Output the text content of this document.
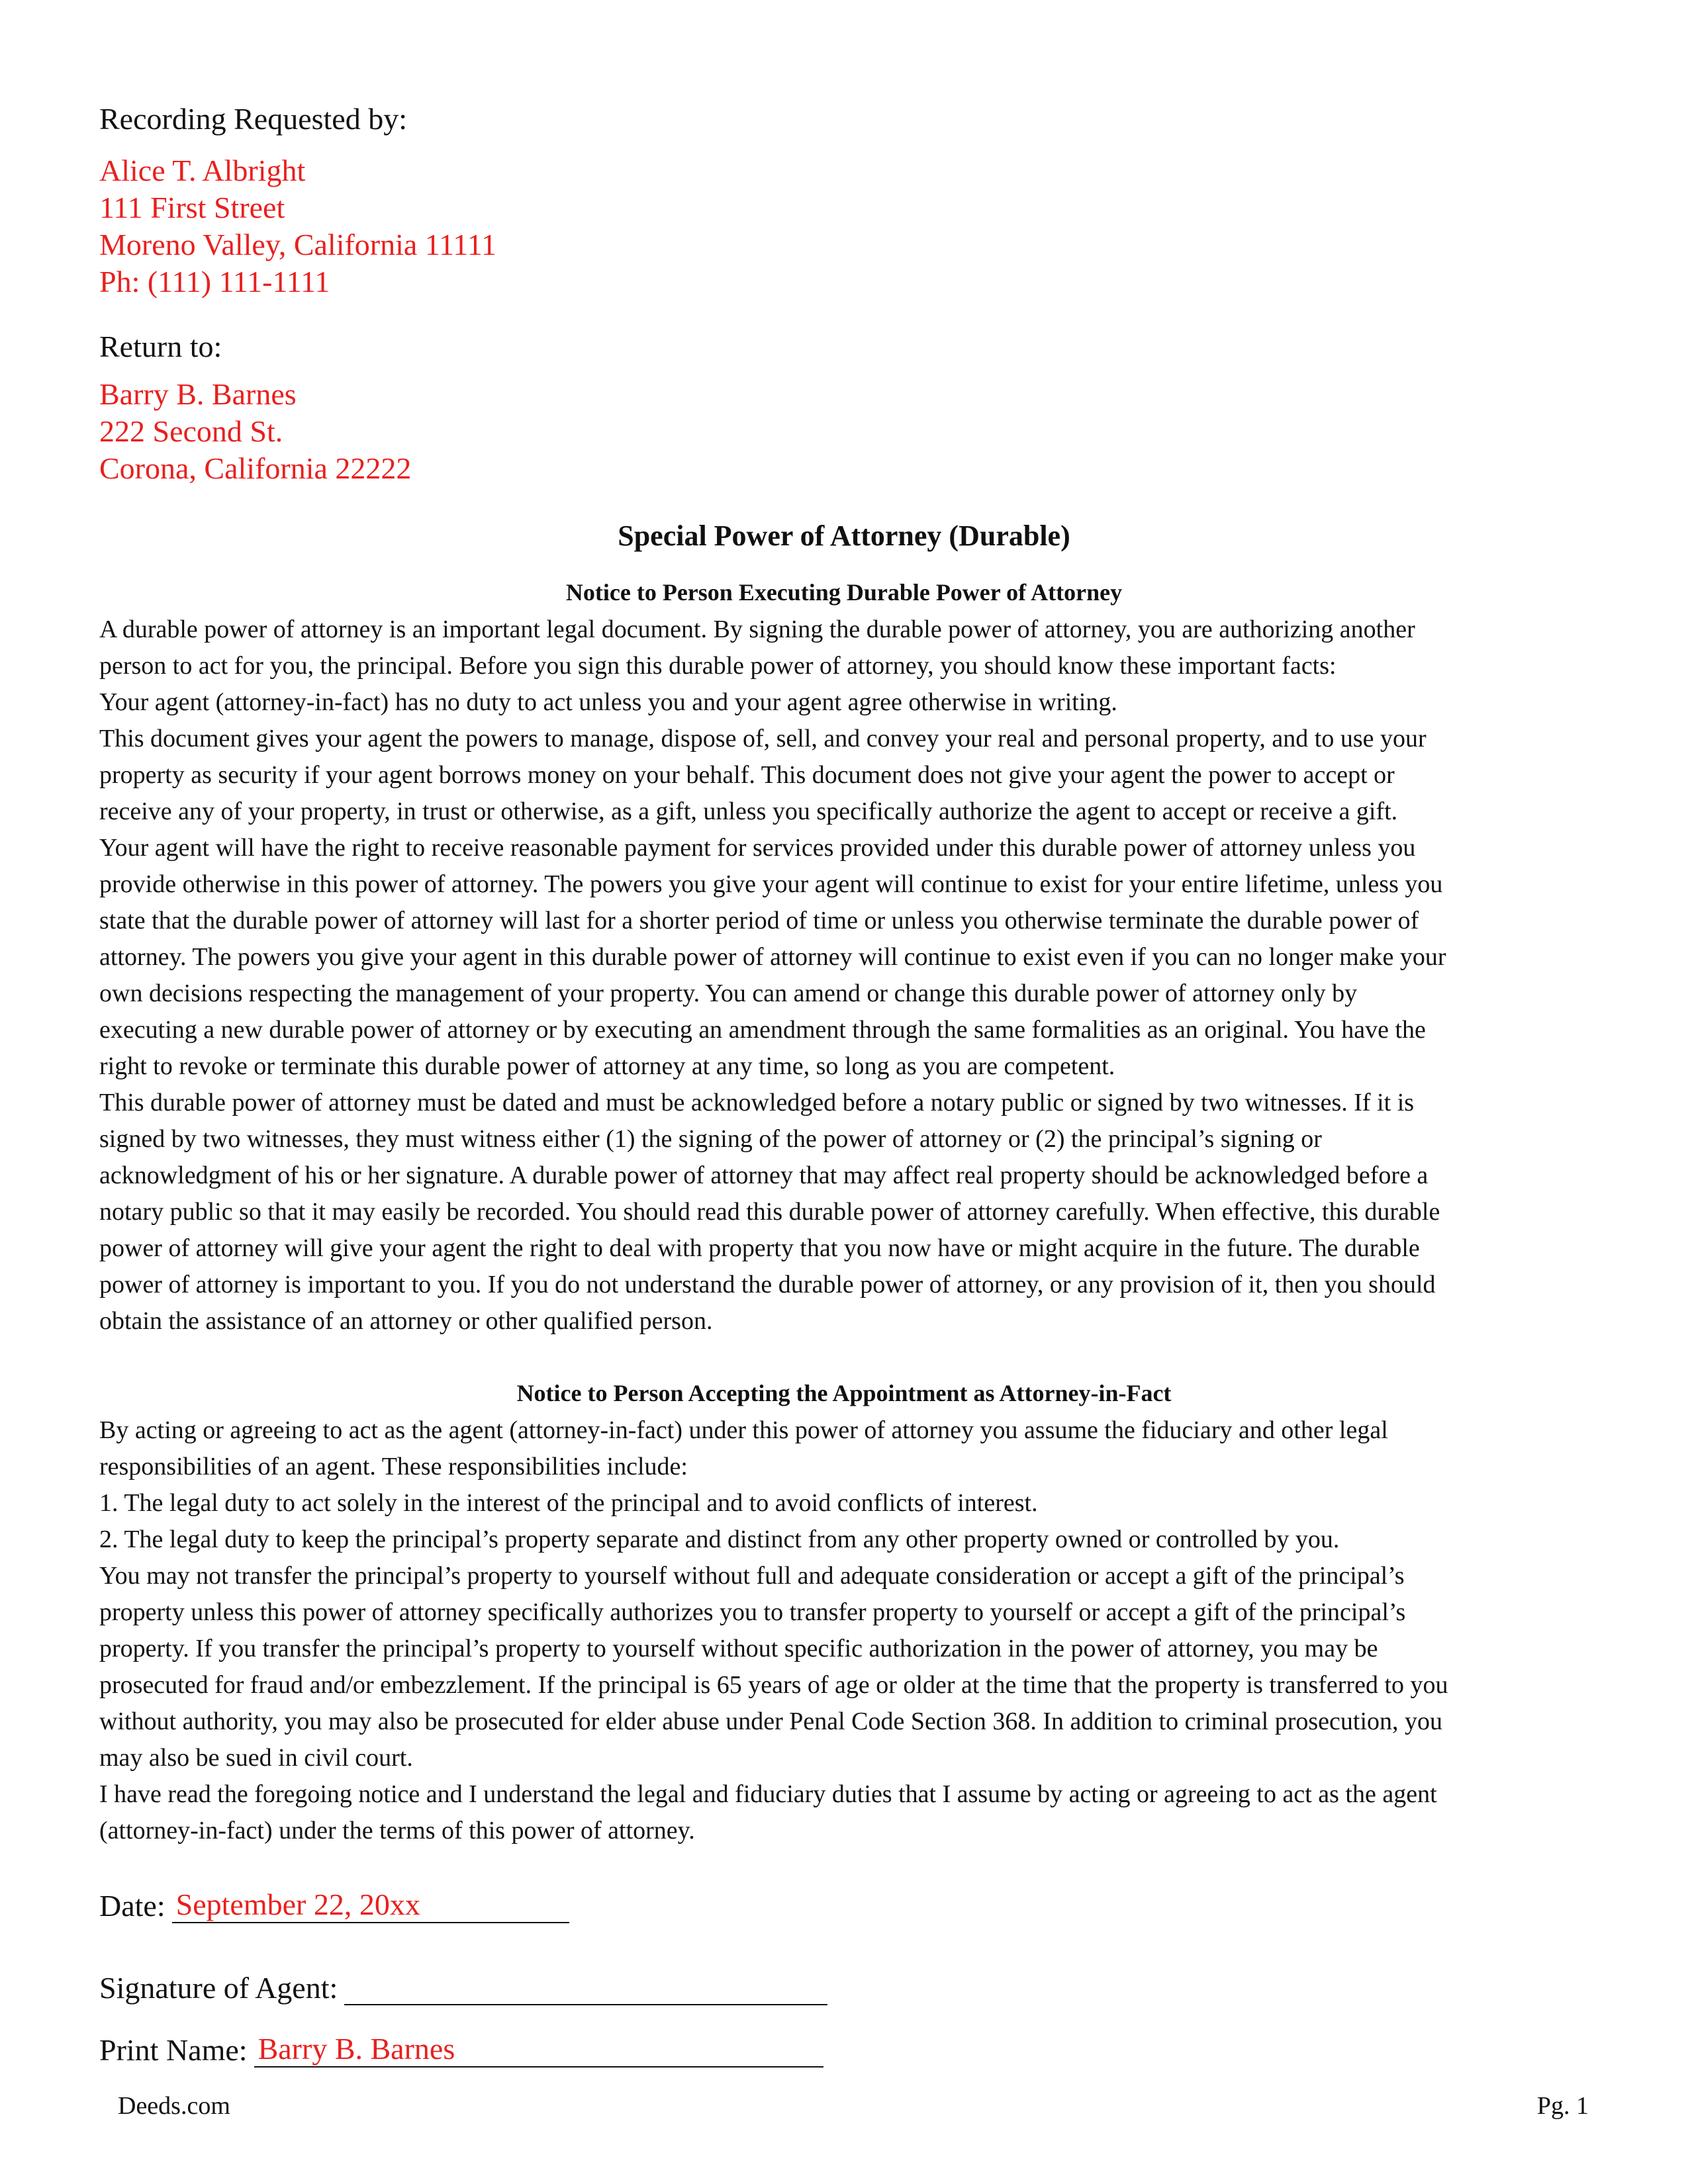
Recording Requested by:
Alice T. Albright
111 First Street
Moreno Valley, California 11111
Ph: (111) 111-1111
Return to:
Barry B. Barnes
222 Second St.
Corona, California 22222
Special Power of Attorney (Durable)
Notice to Person Executing Durable Power of Attorney
A durable power of attorney is an important legal document. By signing the durable power of attorney, you are authorizing another
person to act for you, the principal. Before you sign this durable power of attorney, you should know these important facts:
Your agent (attorney-in-fact) has no duty to act unless you and your agent agree otherwise in writing.
This document gives your agent the powers to manage, dispose of, sell, and convey your real and personal property, and to use your
property as security if your agent borrows money on your behalf. This document does not give your agent the power to accept or
receive any of your property, in trust or otherwise, as a gift, unless you specifically authorize the agent to accept or receive a gift.
Your agent will have the right to receive reasonable payment for services provided under this durable power of attorney unless you
provide otherwise in this power of attorney. The powers you give your agent will continue to exist for your entire lifetime, unless you
state that the durable power of attorney will last for a shorter period of time or unless you otherwise terminate the durable power of
attorney. The powers you give your agent in this durable power of attorney will continue to exist even if you can no longer make your
own decisions respecting the management of your property. You can amend or change this durable power of attorney only by
executing a new durable power of attorney or by executing an amendment through the same formalities as an original. You have the
right to revoke or terminate this durable power of attorney at any time, so long as you are competent.
This durable power of attorney must be dated and must be acknowledged before a notary public or signed by two witnesses. If it is
signed by two witnesses, they must witness either (1) the signing of the power of attorney or (2) the principal’s signing or
acknowledgment of his or her signature. A durable power of attorney that may affect real property should be acknowledged before a
notary public so that it may easily be recorded. You should read this durable power of attorney carefully. When effective, this durable
power of attorney will give your agent the right to deal with property that you now have or might acquire in the future. The durable
power of attorney is important to you. If you do not understand the durable power of attorney, or any provision of it, then you should
obtain the assistance of an attorney or other qualified person.
Notice to Person Accepting the Appointment as Attorney-in-Fact
By acting or agreeing to act as the agent (attorney-in-fact) under this power of attorney you assume the fiduciary and other legal
responsibilities of an agent. These responsibilities include:
1. The legal duty to act solely in the interest of the principal and to avoid conflicts of interest.
2. The legal duty to keep the principal’s property separate and distinct from any other property owned or controlled by you.
You may not transfer the principal’s property to yourself without full and adequate consideration or accept a gift of the principal’s
property unless this power of attorney specifically authorizes you to transfer property to yourself or accept a gift of the principal’s
property. If you transfer the principal’s property to yourself without specific authorization in the power of attorney, you may be
prosecuted for fraud and/or embezzlement. If the principal is 65 years of age or older at the time that the property is transferred to you
without authority, you may also be prosecuted for elder abuse under Penal Code Section 368. In addition to criminal prosecution, you
may also be sued in civil court.
I have read the foregoing notice and I understand the legal and fiduciary duties that I assume by acting or agreeing to act as the agent
(attorney-in-fact) under the terms of this power of attorney.
Date: September 22, 20xx
Signature of Agent:
Print Name: Barry B. Barnes
Deeds.com	Pg. 1
